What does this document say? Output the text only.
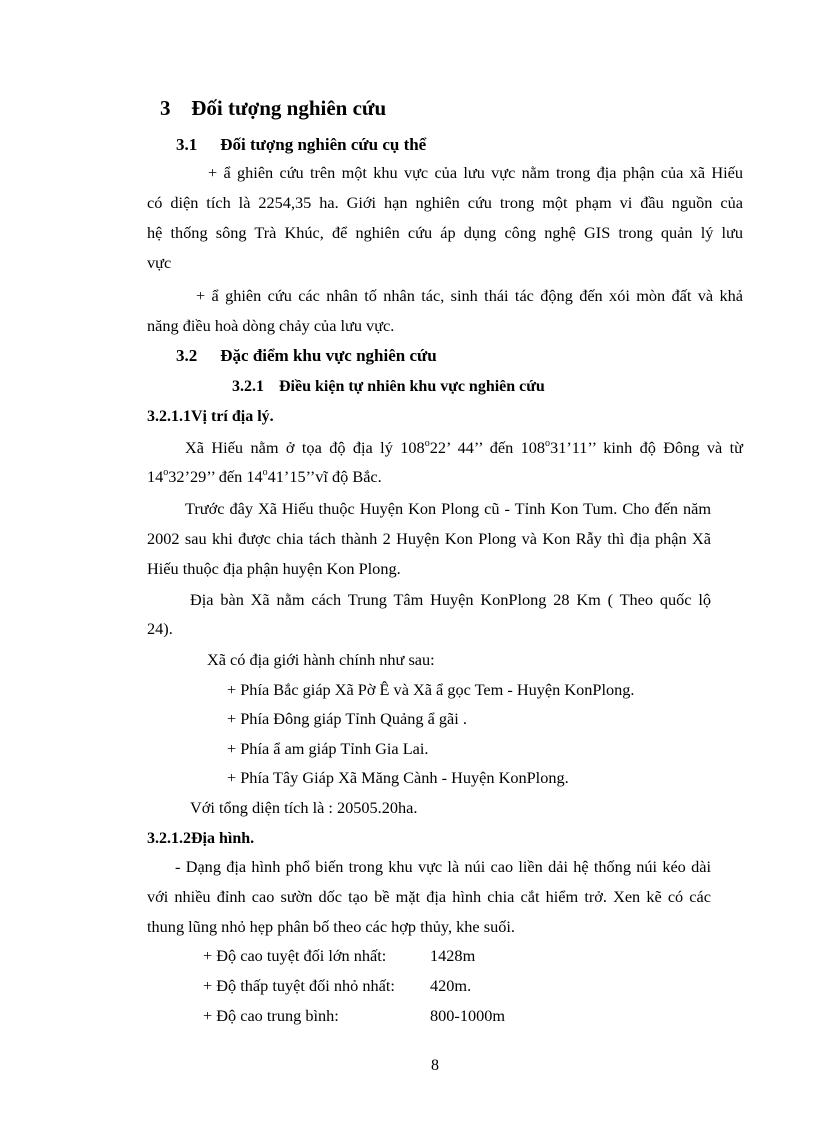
3 Đối tượng nghiên cứu
3.1 Đối tượng nghiên cứu cụ thể
+ ẩ ghiên cứu trên một khu vực của lưu vực nằm trong địa phận của xã Hiếu
có diện tích là 2254,35 ha. Giới hạn nghiên cứu trong một phạm vi đầu nguồn của
hệ thống sông Trà Khúc, để nghiên cứu áp dụng công nghệ GIS trong quản lý lưu
vực
+ ẩ ghiên cứu các nhân tố nhân tác, sinh thái tác động đến xói mòn đất và khả
năng điều hoà dòng chảy của lưu vực.
3.2 Đặc điểm khu vực nghiên cứu
3.2.1 Điều kiện tự nhiên khu vực nghiên cứu
3.2.1.1Vị trí địa lý.
Xã Hiếu nằm ở tọa độ địa lý 108$^o$22’ 44’’ đến 108$^o$31’11’’ kinh độ Đông và từ
14$^o$32’29’’ đến 14$^o$41’15’’vĩ độ Bắc.
Trước đây Xã Hiếu thuộc Huyện Kon Plong cũ - Tỉnh Kon Tum. Cho đến năm
2002 sau khi được chia tách thành 2 Huyện Kon Plong và Kon Rẫy thì địa phận Xã
Hiếu thuộc địa phận huyện Kon Plong.
Địa bàn Xã nằm cách Trung Tâm Huyện KonPlong 28 Km ( Theo quốc lộ
24).
Xã có địa giới hành chính như sau:
+ Phía Bắc giáp Xã Pờ Ê và Xã ẩ gọc Tem - Huyện KonPlong.
+ Phía Đông giáp Tỉnh Quảng ẩ gãi .
+ Phía ẩ am giáp Tỉnh Gia Lai.
+ Phía Tây Giáp Xã Măng Cành - Huyện KonPlong.
Với tổng diện tích là : 20505.20ha.
3.2.1.2Địa hình.
- Dạng địa hình phổ biến trong khu vực là núi cao liền dải hệ thống núi kéo dài
với nhiều đỉnh cao sườn dốc tạo bề mặt địa hình chia cắt hiểm trở. Xen kẽ có các
thung lũng nhỏ hẹp phân bố theo các hợp thủy, khe suối.
+ Độ cao tuyệt đối lớn nhất:	1428m
+ Độ thấp tuyệt đối nhỏ nhất: 420m.
+ Độ cao trung bình:	800-1000m
8
